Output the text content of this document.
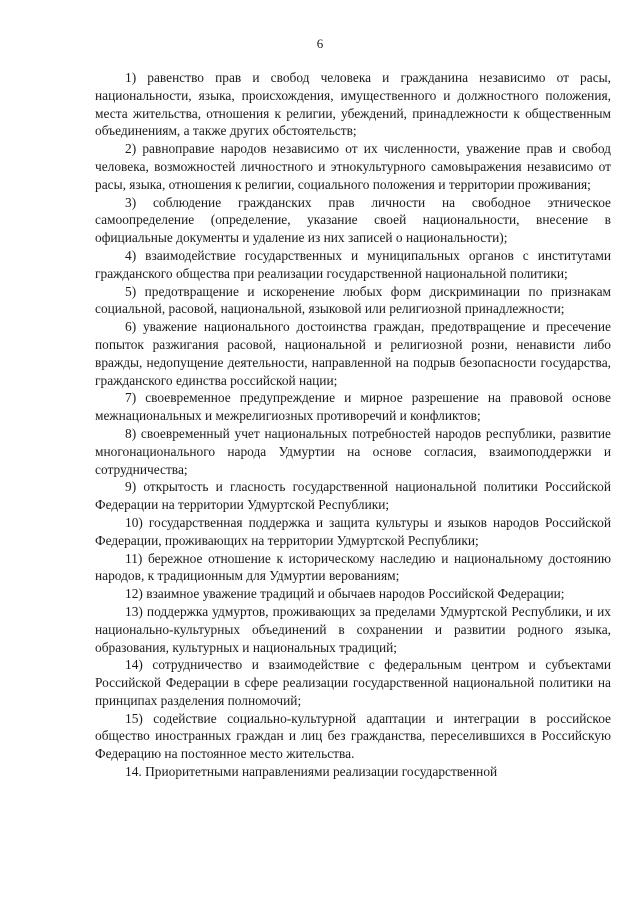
6

1) равенство прав и свобод человека и гражданина независимо от расы, национальности, языка, происхождения, имущественного и должностного положения, места жительства, отношения к религии, убеждений, принадлежности к общественным объединениям, а также других обстоятельств;

2) равноправие народов независимо от их численности, уважение прав и свобод человека, возможностей личностного и этнокультурного самовыражения независимо от расы, языка, отношения к религии, социального положения и территории проживания;

3) соблюдение гражданских прав личности на свободное этническое самоопределение (определение, указание своей национальности, внесение в официальные документы и удаление из них записей о национальности);

4) взаимодействие государственных и муниципальных органов с институтами гражданского общества при реализации государственной национальной политики;

5) предотвращение и искоренение любых форм дискриминации по признакам социальной, расовой, национальной, языковой или религиозной принадлежности;

6) уважение национального достоинства граждан, предотвращение и пресечение попыток разжигания расовой, национальной и религиозной розни, ненависти либо вражды, недопущение деятельности, направленной на подрыв безопасности государства, гражданского единства российской нации;

7) своевременное предупреждение и мирное разрешение на правовой основе межнациональных и межрелигиозных противоречий и конфликтов;

8) своевременный учет национальных потребностей народов республики, развитие многонационального народа Удмуртии на основе согласия, взаимоподдержки и сотрудничества;

9) открытость и гласность государственной национальной политики Российской Федерации на территории Удмуртской Республики;

10) государственная поддержка и защита культуры и языков народов Российской Федерации, проживающих на территории Удмуртской Республики;

11) бережное отношение к историческому наследию и национальному достоянию народов, к традиционным для Удмуртии верованиям;

12) взаимное уважение традиций и обычаев народов Российской Федерации;

13) поддержка удмуртов, проживающих за пределами Удмуртской Республики, и их национально-культурных объединений в сохранении и развитии родного языка, образования, культурных и национальных традиций;

14) сотрудничество и взаимодействие с федеральным центром и субъектами Российской Федерации в сфере реализации государственной национальной политики на принципах разделения полномочий;

15) содействие социально-культурной адаптации и интеграции в российское общество иностранных граждан и лиц без гражданства, переселившихся в Российскую Федерацию на постоянное место жительства.

14. Приоритетными направлениями реализации государственной
